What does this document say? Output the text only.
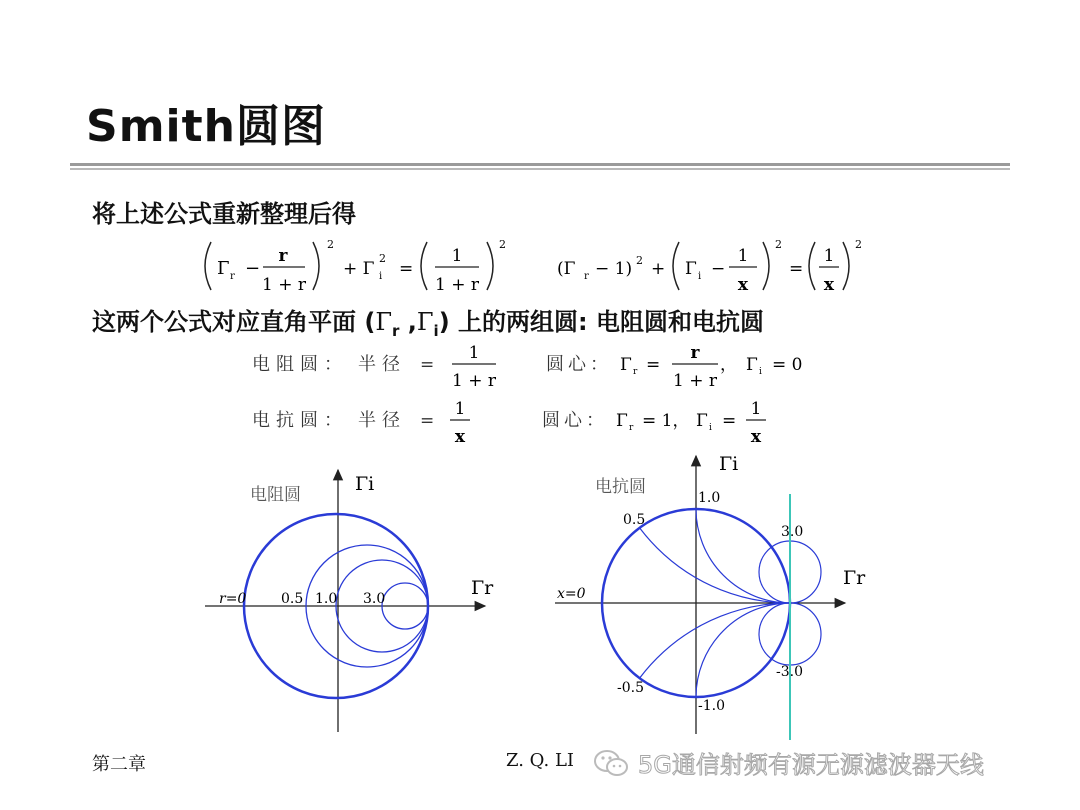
Smith圆图
将上述公式重新整理后得
Γ r −
r
1 + r
2
+ Γ i
2
=
1
1 + r
2
(Γ r − 1) 2 + Γ i −
1
x
2
=
1
x
2
这两个公式对应直角平面 ($\Gamma_r$ $,\Gamma_i$) 上的两组圆: 电阻圆和电抗圆
电阻圆： 半径 =
1
1 + r
圆心： Γ r =
r
1 + r
， Γ i = 0
电抗圆： 半径 =
1
x
圆心： Γ r = 1， Γ i =
1
x
电阻圆	Γi
Γr
r=0 0.5 1.0 3.0
电抗圆
Γi
Γr
x=0
1.0
0.5
3.0
-0.5
-1.0
-3.0
第二章	Z. Q. LI	5G通信射频有源无源滤波器天线
